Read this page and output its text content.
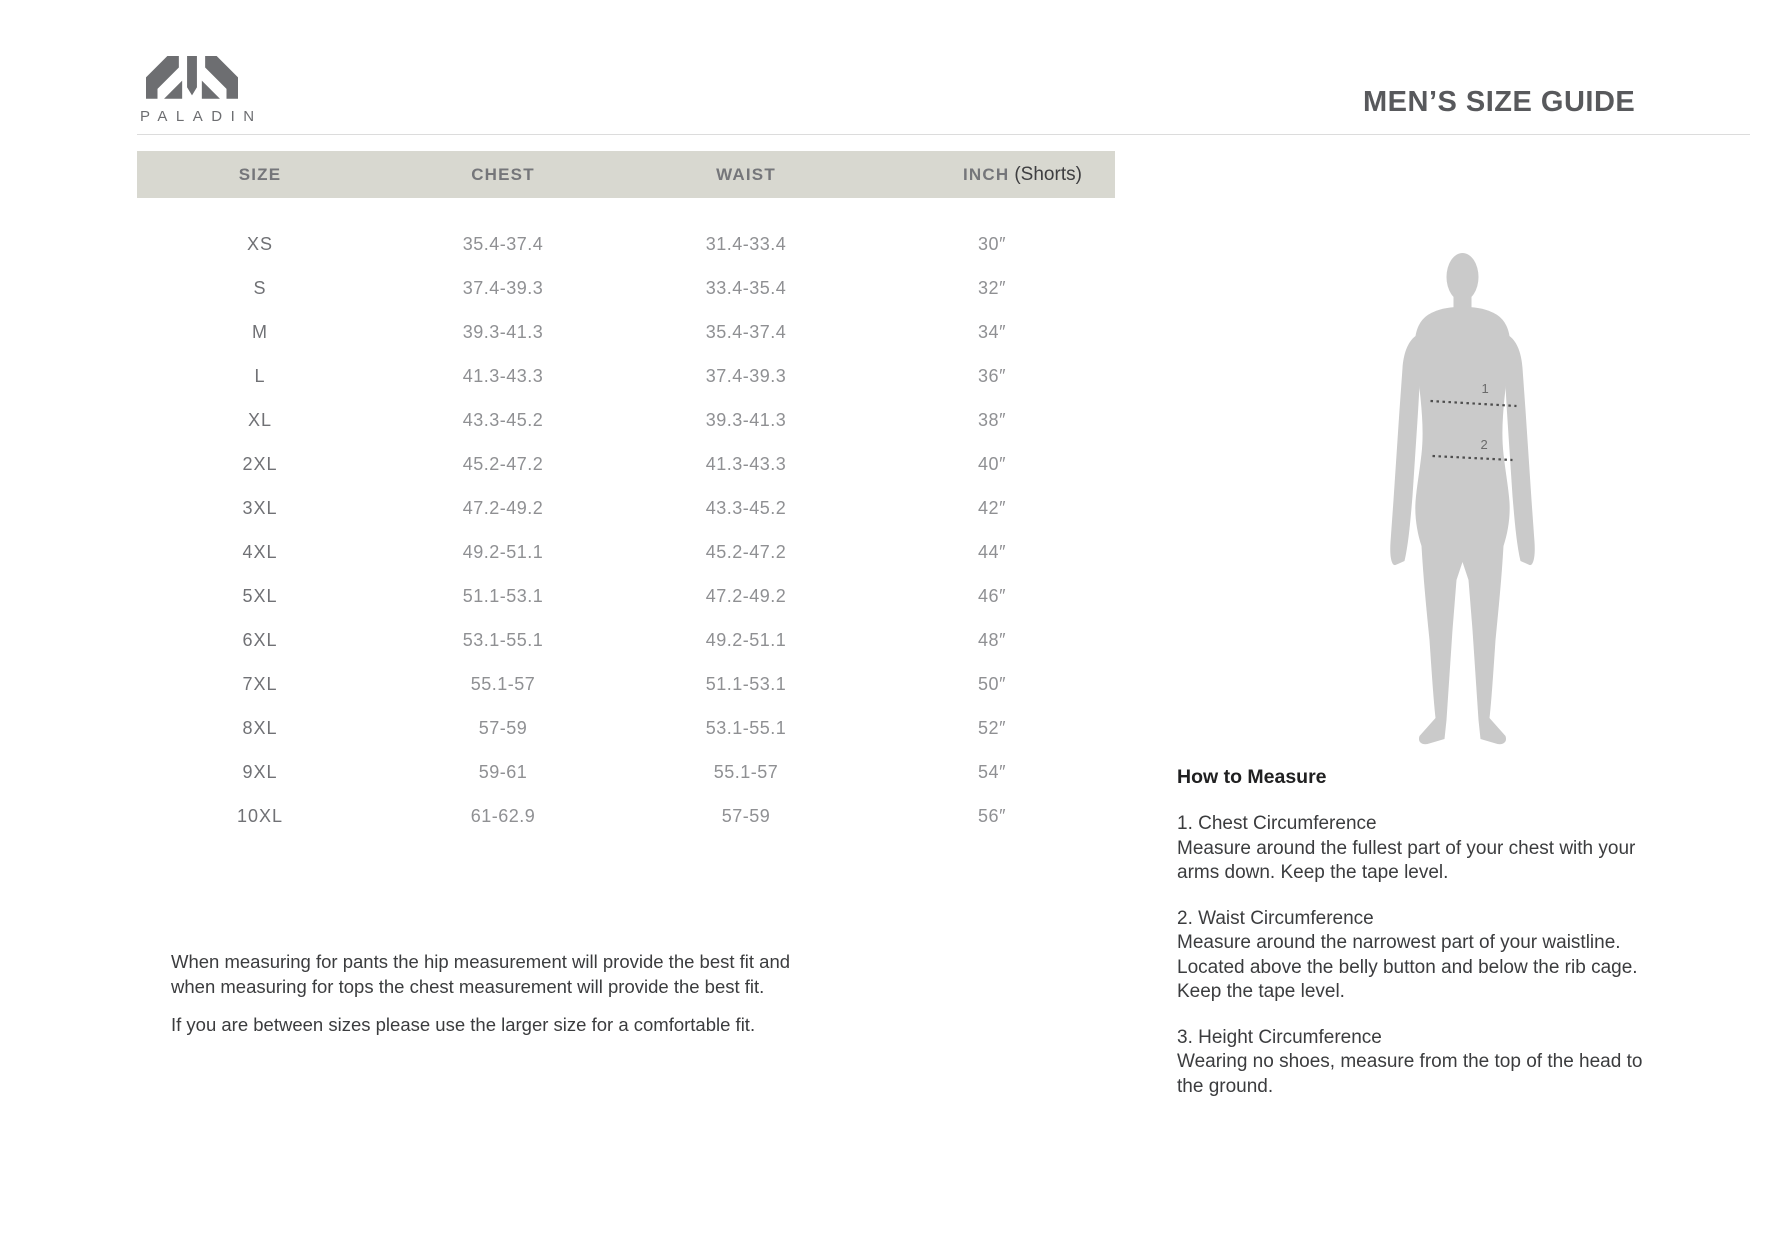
PALADIN	MEN’S SIZE GUIDE
SIZE	CHEST	WAIST	INCH (Shorts)
XS	35.4-37.4	31.4-33.4	30″
S	37.4-39.3	33.4-35.4	32″
M	39.3-41.3	35.4-37.4	34″
L	41.3-43.3	37.4-39.3	36″
XL	43.3-45.2	39.3-41.3	38″
2XL	45.2-47.2	41.3-43.3	40″
3XL	47.2-49.2	43.3-45.2	42″
4XL	49.2-51.1	45.2-47.2	44″
5XL	51.1-53.1	47.2-49.2	46″
6XL	53.1-55.1	49.2-51.1	48″
7XL	55.1-57	51.1-53.1	50″
8XL	57-59	53.1-55.1	52″
9XL	59-61	55.1-57	54″
10XL	61-62.9	57-59	56″

When measuring for pants the hip measurement will provide the best fit and when measuring for tops the chest measurement will provide the best fit.

If you are between sizes please use the larger size for a comfortable fit.

How to Measure

1. Chest Circumference
Measure around the fullest part of your chest with your arms down. Keep the tape level.
2. Waist Circumference
Measure around the narrowest part of your waistline. Located above the belly button and below the rib cage. Keep the tape level.
3. Height Circumference
Wearing no shoes, measure from the top of the head to the ground.
1
2
